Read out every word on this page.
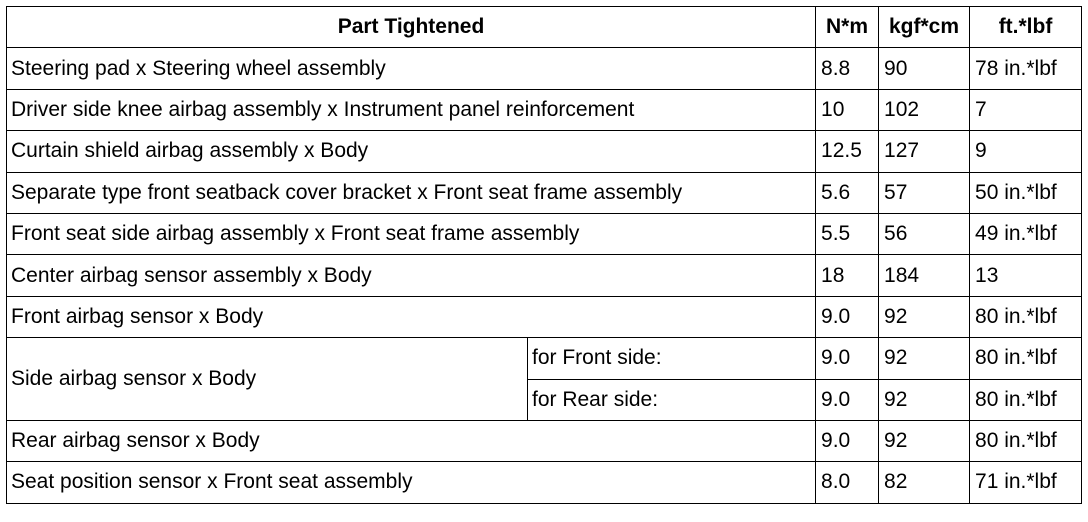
Part Tightened		N*m	kgf*cm	ft.*lbf
Steering pad x Steering wheel assembly		8.8	90	78 in.*lbf
Driver side knee airbag assembly x Instrument panel reinforcement		10	102	7
Curtain shield airbag assembly x Body		12.5	127	9
Separate type front seatback cover bracket x Front seat frame assembly		5.6	57	50 in.*lbf
Front seat side airbag assembly x Front seat frame assembly		5.5	56	49 in.*lbf
Center airbag sensor assembly x Body		18	184	13
Front airbag sensor x Body		9.0	92	80 in.*lbf
Side airbag sensor x Body	for Front side:	9.0	92	80 in.*lbf
	for Rear side:	9.0	92	80 in.*lbf
Rear airbag sensor x Body		9.0	92	80 in.*lbf
Seat position sensor x Front seat assembly		8.0	82	71 in.*lbf
